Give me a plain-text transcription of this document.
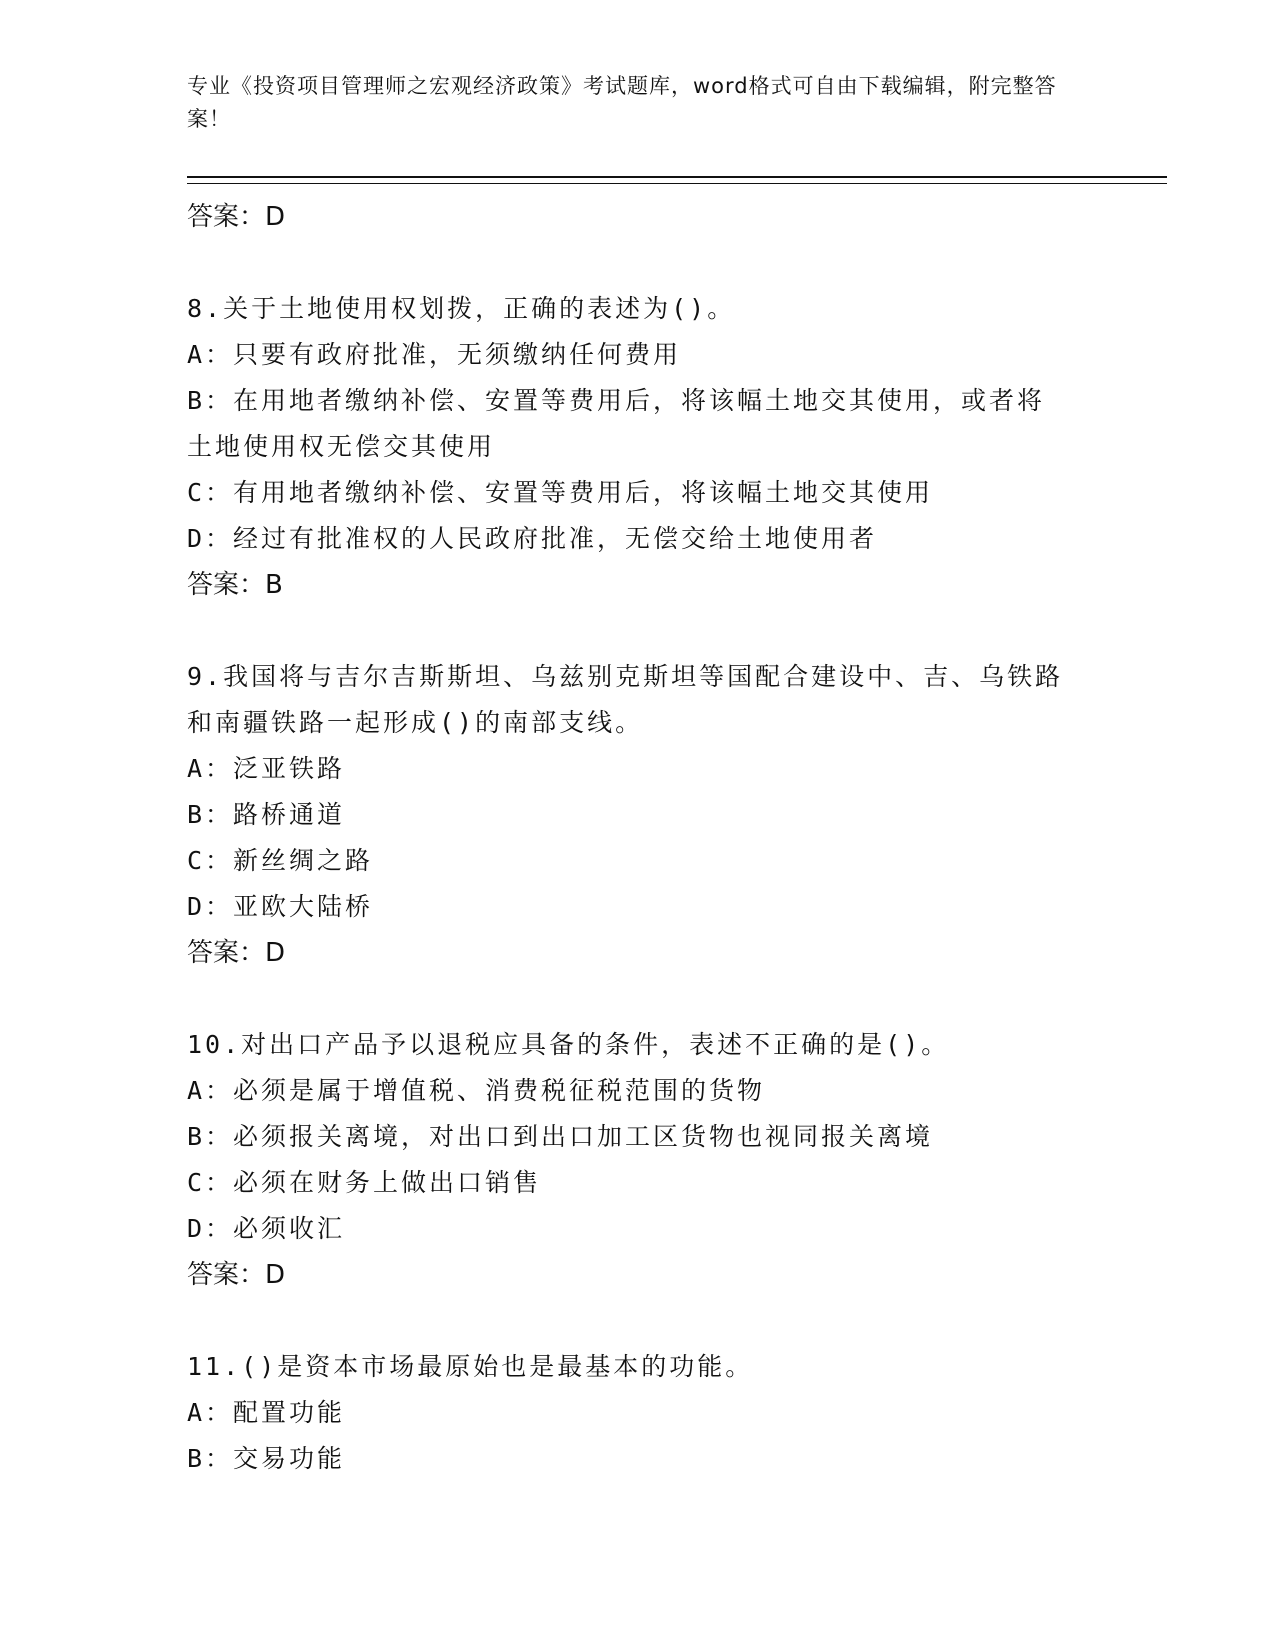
专业《投资项目管理师之宏观经济政策》考试题库，word格式可自由下载编辑，附完整答案！

答案：D

8.关于土地使用权划拨，正确的表述为()。

A：只要有政府批准，无须缴纳任何费用

B：在用地者缴纳补偿、安置等费用后，将该幅土地交其使用，或者将土地使用权无偿交其使用

C：有用地者缴纳补偿、安置等费用后，将该幅土地交其使用

D：经过有批准权的人民政府批准，无偿交给土地使用者

答案：B

9.我国将与吉尔吉斯斯坦、乌兹别克斯坦等国配合建设中、吉、乌铁路和南疆铁路一起形成()的南部支线。

A：泛亚铁路

B：路桥通道

C：新丝绸之路

D：亚欧大陆桥

答案：D

10.对出口产品予以退税应具备的条件，表述不正确的是()。

A：必须是属于增值税、消费税征税范围的货物

B：必须报关离境，对出口到出口加工区货物也视同报关离境

C：必须在财务上做出口销售

D：必须收汇

答案：D

11.()是资本市场最原始也是最基本的功能。

A：配置功能

B：交易功能
